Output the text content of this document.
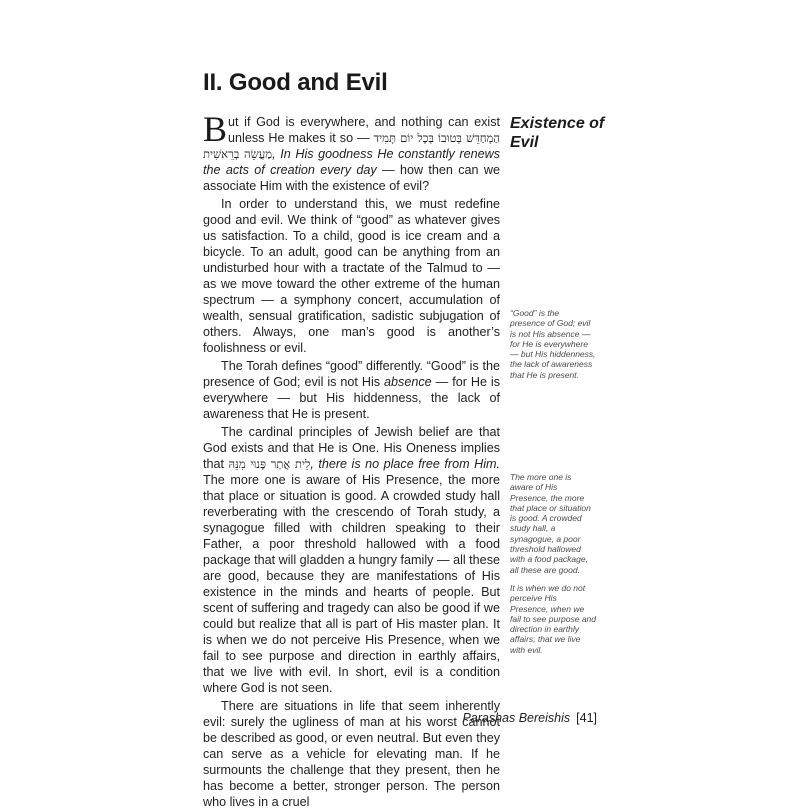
II. Good and Evil

But if God is everywhere, and nothing can exist unless He makes it so — הַמְחַדֵּשׁ בְּטוּבוֹ בְּכָל יוֹם תָּמִיד מַעֲשֵׂה בְרֵאשִׁית, In His goodness He constantly renews the acts of creation every day — how then can we associate Him with the existence of evil?

In order to understand this, we must redefine good and evil. We think of “good” as whatever gives us satisfaction. To a child, good is ice cream and a bicycle. To an adult, good can be anything from an undisturbed hour with a tractate of the Talmud to — as we move toward the other extreme of the human spectrum — a symphony concert, accumulation of wealth, sensual gratification, sadistic subjugation of others. Always, one man’s good is another’s foolishness or evil.

The Torah defines “good” differently. “Good” is the presence of God; evil is not His absence — for He is everywhere — but His hiddenness, the lack of awareness that He is present.

The cardinal principles of Jewish belief are that God exists and that He is One. His Oneness implies that לֵית אֲתַר פָּנוּי מִנֵּהּ, there is no place free from Him. The more one is aware of His Presence, the more that place or situation is good. A crowded study hall reverberating with the crescendo of Torah study, a synagogue filled with children speaking to their Father, a poor threshold hallowed with a food package that will gladden a hungry family — all these are good, because they are manifestations of His existence in the minds and hearts of people. But scent of suffering and tragedy can also be good if we could but realize that all is part of His master plan. It is when we do not perceive His Presence, when we fail to see purpose and direction in earthly affairs, that we live with evil. In short, evil is a condition where God is not seen.

There are situations in life that seem inherently evil: surely the ugliness of man at his worst cannot be described as good, or even neutral. But even they can serve as a vehicle for elevating man. If he surmounts the challenge that they present, then he has become a better, stronger person. The person who lives in a cruel

Existence of Evil

“Good” is the presence of God; evil is not His absence — for He is everywhere — but His hiddenness, the lack of awareness that He is present.

The more one is aware of His Presence, the more that place or situation is good. A crowded study hall, a synagogue, a poor threshold hallowed with a food package, all these are good.

It is when we do not perceive His Presence, when we fail to see purpose and direction in earthly affairs, that we live with evil.

Parashas Bereishis [41]
